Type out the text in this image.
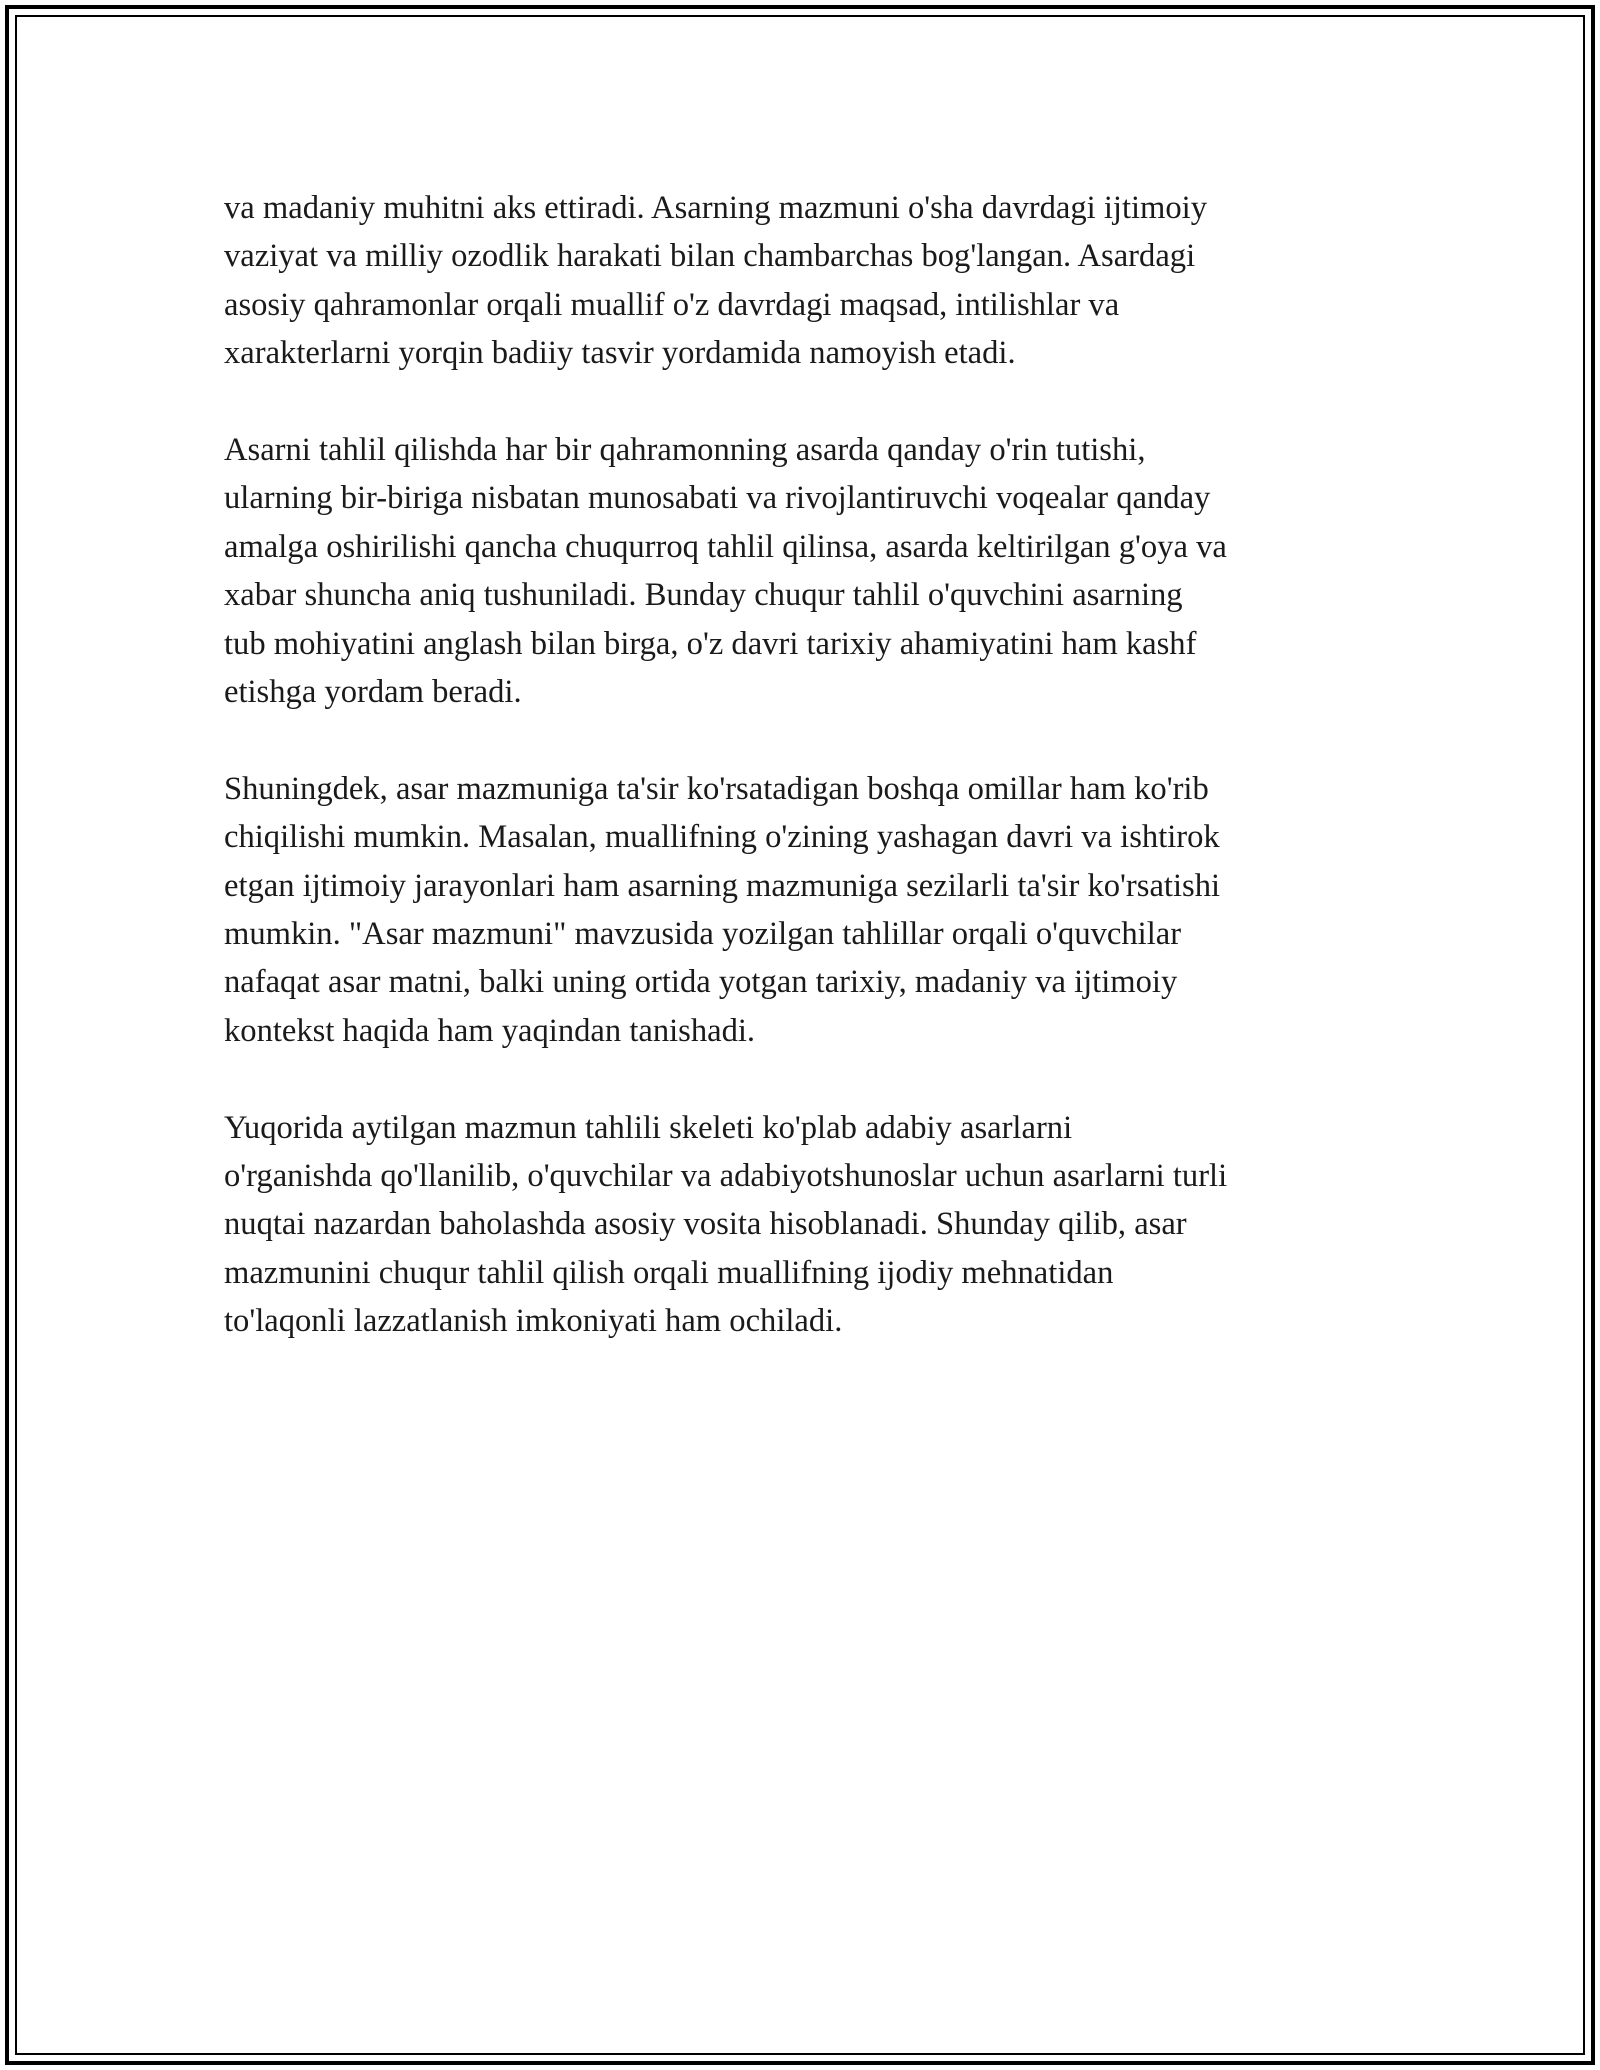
va madaniy muhitni aks ettiradi. Asarning mazmuni o'sha davrdagi ijtimoiy
vaziyat va milliy ozodlik harakati bilan chambarchas bog'langan. Asardagi
asosiy qahramonlar orqali muallif o'z davrdagi maqsad, intilishlar va
xarakterlarni yorqin badiiy tasvir yordamida namoyish etadi.
Asarni tahlil qilishda har bir qahramonning asarda qanday o'rin tutishi,
ularning bir-biriga nisbatan munosabati va rivojlantiruvchi voqealar qanday
amalga oshirilishi qancha chuqurroq tahlil qilinsa, asarda keltirilgan g'oya va
xabar shuncha aniq tushuniladi. Bunday chuqur tahlil o'quvchini asarning
tub mohiyatini anglash bilan birga, o'z davri tarixiy ahamiyatini ham kashf
etishga yordam beradi.
Shuningdek, asar mazmuniga ta'sir ko'rsatadigan boshqa omillar ham ko'rib
chiqilishi mumkin. Masalan, muallifning o'zining yashagan davri va ishtirok
etgan ijtimoiy jarayonlari ham asarning mazmuniga sezilarli ta'sir ko'rsatishi
mumkin. "Asar mazmuni" mavzusida yozilgan tahlillar orqali o'quvchilar
nafaqat asar matni, balki uning ortida yotgan tarixiy, madaniy va ijtimoiy
kontekst haqida ham yaqindan tanishadi.
Yuqorida aytilgan mazmun tahlili skeleti ko'plab adabiy asarlarni
o'rganishda qo'llanilib, o'quvchilar va adabiyotshunoslar uchun asarlarni turli
nuqtai nazardan baholashda asosiy vosita hisoblanadi. Shunday qilib, asar
mazmunini chuqur tahlil qilish orqali muallifning ijodiy mehnatidan
to'laqonli lazzatlanish imkoniyati ham ochiladi.
